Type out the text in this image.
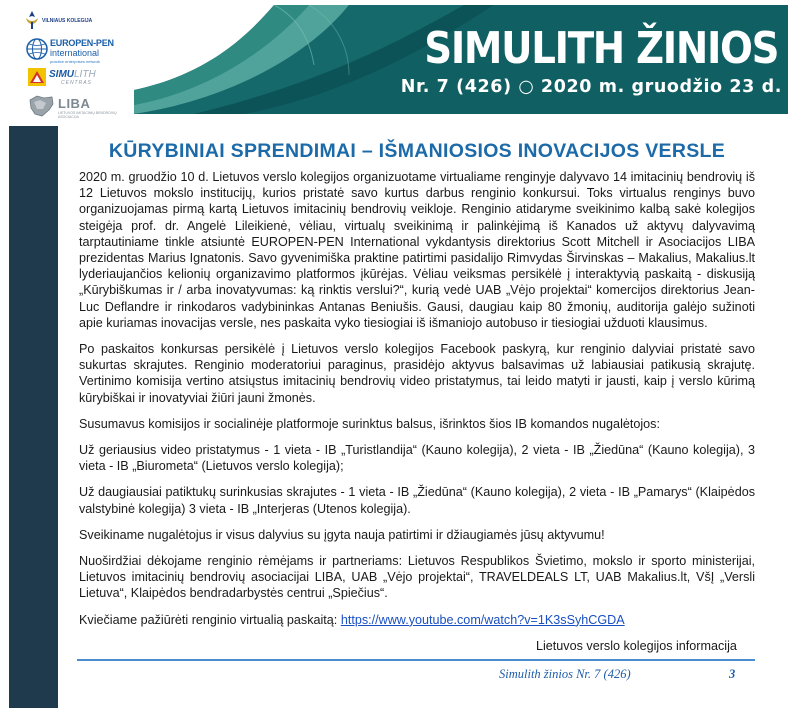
VILNIAUS KOLEGIJA
EUROPEN-PEN
international
practice enterprises network
SIMULITH
CENTRAS
LIBA
LIETUVOS IMITACINIŲ BENDROVIŲ ASOCIACIJA
SIMULITH ŽINIOS
Nr. 7 (426) ○ 2020 m. gruodžio 23 d.
KŪRYBINIAI SPRENDIMAI – IŠMANIOSIOS INOVACIJOS VERSLE

2020 m. gruodžio 10 d. Lietuvos verslo kolegijos organizuotame virtualiame renginyje dalyvavo 14 imitacinių bendrovių iš 12 Lietuvos mokslo institucijų, kurios pristatė savo kurtus darbus renginio konkursui. Toks virtualus renginys buvo organizuojamas pirmą kartą Lietuvos imitacinių bendrovių veikloje. Renginio atidaryme sveikinimo kalbą sakė kolegijos steigėja prof. dr. Angelė Lileikienė, vėliau, virtualų sveikinimą ir palinkėjimą iš Kanados už aktyvų dalyvavimą tarptautiniame tinkle atsiuntė EUROPEN-PEN International vykdantysis direktorius Scott Mitchell ir Asociacijos LIBA prezidentas Marius Ignatonis. Savo gyvenimiška praktine patirtimi pasidalijo Rimvydas Širvinskas – Makalius, Makalius.lt lyderiaujančios kelionių organizavimo platformos įkūrėjas. Vėliau veiksmas persikėlė į interaktyvią paskaitą - diskusiją „Kūrybiškumas ir / arba inovatyvumas: ką rinktis verslui?“, kurią vedė UAB „Vėjo projektai“ komercijos direktorius Jean-Luc Deflandre ir rinkodaros vadybininkas Antanas Beniušis. Gausi, daugiau kaip 80 žmonių, auditorija galėjo sužinoti apie kuriamas inovacijas versle, nes paskaita vyko tiesiogiai iš išmaniojo autobuso ir tiesiogiai užduoti klausimus.

Po paskaitos konkursas persikėlė į Lietuvos verslo kolegijos Facebook paskyrą, kur renginio dalyviai pristatė savo sukurtas skrajutes. Renginio moderatoriui paraginus, prasidėjo aktyvus balsavimas už labiausiai patikusią skrajutę. Vertinimo komisija vertino atsiųstus imitacinių bendrovių video pristatymus, tai leido matyti ir jausti, kaip į verslo kūrimą kūrybiškai ir inovatyviai žiūri jauni žmonės.

Susumavus komisijos ir socialinėje platformoje surinktus balsus, išrinktos šios IB komandos nugalėtojos:

Už geriausius video pristatymus - 1 vieta - IB „Turistlandija“ (Kauno kolegija), 2 vieta - IB „Žiedūna“ (Kauno kolegija), 3 vieta - IB „Biurometa“ (Lietuvos verslo kolegija);

Už daugiausiai patiktukų surinkusias skrajutes - 1 vieta - IB „Žiedūna“ (Kauno kolegija), 2 vieta - IB „Pamarys“ (Klaipėdos valstybinė kolegija) 3 vieta - IB „Interjeras (Utenos kolegija).

Sveikiname nugalėtojus ir visus dalyvius su įgyta nauja patirtimi ir džiaugiamės jūsų aktyvumu!

Nuoširdžiai dėkojame renginio rėmėjams ir partneriams: Lietuvos Respublikos Švietimo, mokslo ir sporto ministerijai, Lietuvos imitacinių bendrovių asociacijai LIBA, UAB „Vėjo projektai“, TRAVELDEALS LT, UAB Makalius.lt, VšĮ „Versli Lietuva“, Klaipėdos bendradarbystės centrui „Spiečius“.

Kviečiame pažiūrėti renginio virtualią paskaitą: https://www.youtube.com/watch?v=1K3sSyhCGDA

Lietuvos verslo kolegijos informacija
Simulith žinios Nr. 7 (426)	3
